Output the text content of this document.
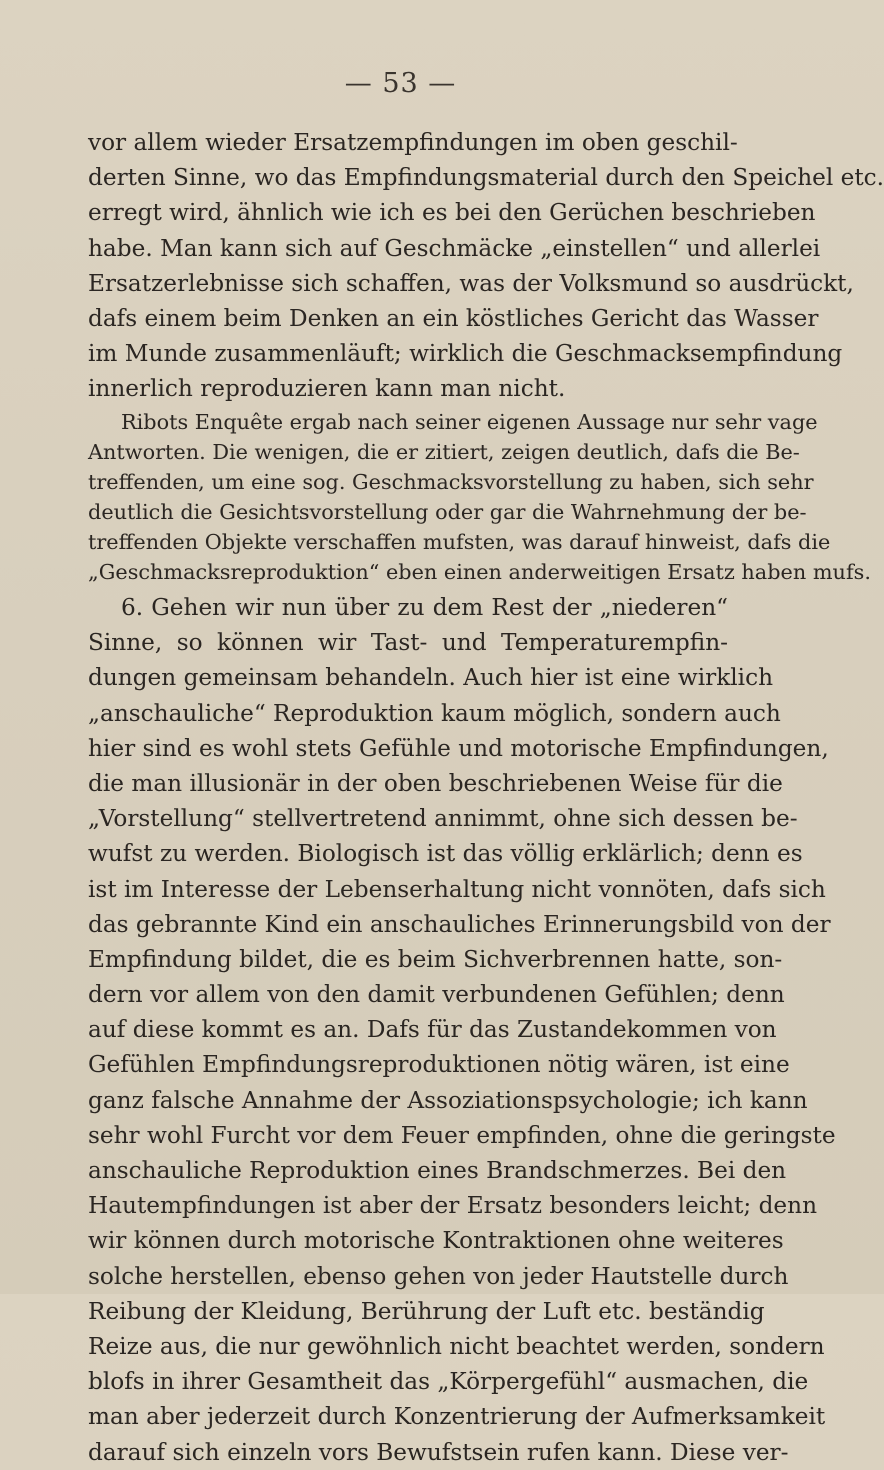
— 53 —
vor allem wieder Ersatzempfindungen im oben geschil-
derten Sinne, wo das Empfindungsmaterial durch den Speichel etc.
erregt wird, ähnlich wie ich es bei den Gerüchen beschrieben
habe. Man kann sich auf Geschmäcke „einstellen“ und allerlei
Ersatzerlebnisse sich schaffen, was der Volksmund so ausdrückt,
dafs einem beim Denken an ein köstliches Gericht das Wasser
im Munde zusammenläuft; wirklich die Geschmacksempfindung
innerlich reproduzieren kann man nicht.
Ribots Enquête ergab nach seiner eigenen Aussage nur sehr vage
Antworten. Die wenigen, die er zitiert, zeigen deutlich, dafs die Be-
treffenden, um eine sog. Geschmacksvorstellung zu haben, sich sehr
deutlich die Gesichtsvorstellung oder gar die Wahrnehmung der be-
treffenden Objekte verschaffen mufsten, was darauf hinweist, dafs die
„Geschmacksreproduktion“ eben einen anderweitigen Ersatz haben mufs.
6. Gehen wir nun über zu dem Rest der „niederen“
Sinne, so können wir Tast- und Temperaturempfin-
dungen gemeinsam behandeln. Auch hier ist eine wirklich
„anschauliche“ Reproduktion kaum möglich, sondern auch
hier sind es wohl stets Gefühle und motorische Empfindungen,
die man illusionär in der oben beschriebenen Weise für die
„Vorstellung“ stellvertretend annimmt, ohne sich dessen be-
wufst zu werden. Biologisch ist das völlig erklärlich; denn es
ist im Interesse der Lebenserhaltung nicht vonnöten, dafs sich
das gebrannte Kind ein anschauliches Erinnerungsbild von der
Empfindung bildet, die es beim Sichverbrennen hatte, son-
dern vor allem von den damit verbundenen Gefühlen; denn
auf diese kommt es an. Dafs für das Zustandekommen von
Gefühlen Empfindungsreproduktionen nötig wären, ist eine
ganz falsche Annahme der Assoziationspsychologie; ich kann
sehr wohl Furcht vor dem Feuer empfinden, ohne die geringste
anschauliche Reproduktion eines Brandschmerzes. Bei den
Hautempfindungen ist aber der Ersatz besonders leicht; denn
wir können durch motorische Kontraktionen ohne weiteres
solche herstellen, ebenso gehen von jeder Hautstelle durch
Reibung der Kleidung, Berührung der Luft etc. beständig
Reize aus, die nur gewöhnlich nicht beachtet werden, sondern
blofs in ihrer Gesamtheit das „Körpergefühl“ ausmachen, die
man aber jederzeit durch Konzentrierung der Aufmerksamkeit
darauf sich einzeln vors Bewufstsein rufen kann. Diese ver-
